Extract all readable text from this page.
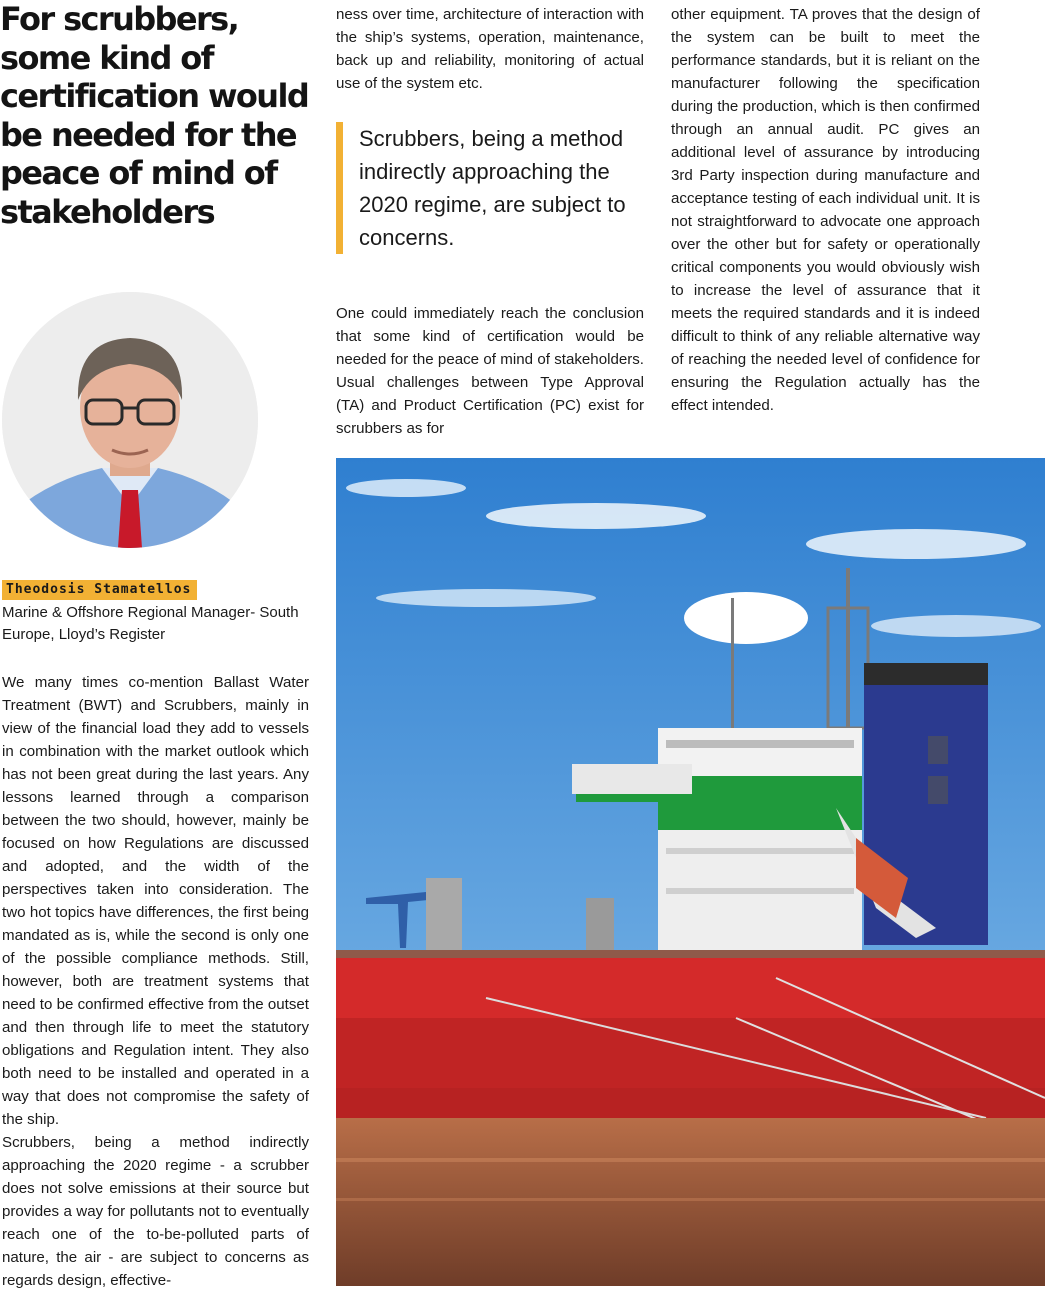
For scrubbers, some kind of certification would be needed for the peace of mind of stakeholders
Theodosis Stamatellos

Marine & Offshore Regional Manager- South Europe, Lloyd’s Register

We many times co-mention Ballast Water Treatment (BWT) and Scrubbers, mainly in view of the financial load they add to vessels in combination with the market outlook which has not been great during the last years. Any lessons learned through a comparison between the two should, however, mainly be focused on how Regulations are discussed and adopted, and the width of the perspectives taken into consideration. The two hot topics have differences, the first being mandated as is, while the second is only one of the possible compliance methods. Still, however, both are treatment systems that need to be confirmed effective from the outset and then through life to meet the statutory obligations and Regulation intent. They also both need to be installed and operated in a way that does not compromise the safety of the ship.

Scrubbers, being a method indirectly approaching the 2020 regime - a scrubber does not solve emissions at their source but provides a way for pollutants not to eventually reach one of the to-be-polluted parts of nature, the air - are subject to concerns as regards design, effective-

ness over time, architecture of interaction with the ship’s systems, operation, maintenance, back up and reliability, monitoring of actual use of the system etc.

Scrubbers, being a method indirectly approaching the 2020 regime, are subject to concerns.

One could immediately reach the conclusion that some kind of certification would be needed for the peace of mind of stakeholders. Usual challenges between Type Approval (TA) and Product Certification (PC) exist for scrubbers as for

other equipment. TA proves that the design of the system can be built to meet the performance standards, but it is reliant on the manufacturer following the specification during the production, which is then confirmed through an annual audit. PC gives an additional level of assurance by introducing 3rd Party inspection during manufacture and acceptance testing of each individual unit. It is not straightforward to advocate one approach over the other but for safety or operationally critical components you would obviously wish to increase the level of assurance that it meets the required standards and it is indeed difficult to think of any reliable alternative way of reaching the needed level of confidence for ensuring the Regulation actually has the effect intended.
